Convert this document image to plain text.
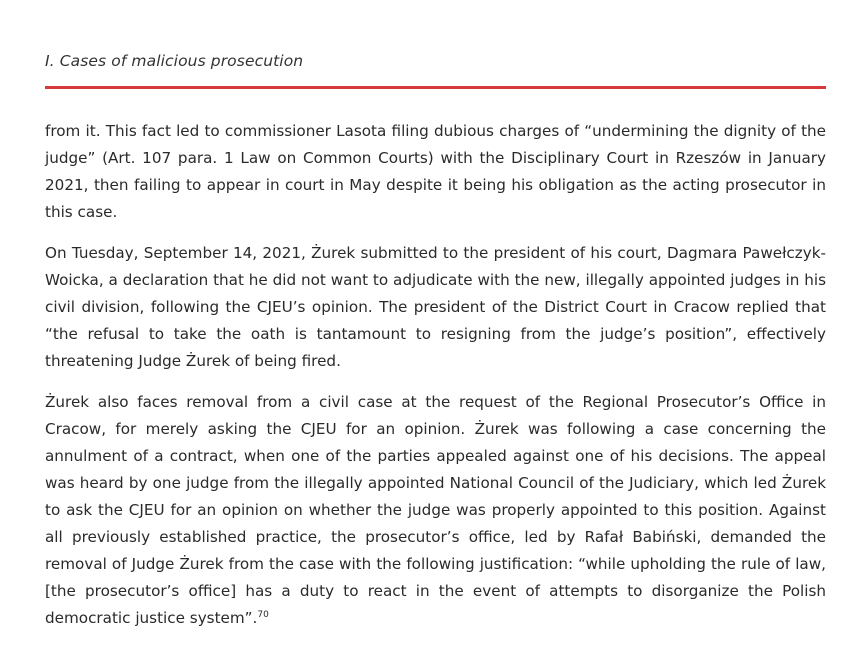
I. Cases of malicious prosecution

from it. This fact led to commissioner Lasota filing dubious charges of “undermining the dignity of the judge” (Art. 107 para. 1 Law on Common Courts) with the Disciplinary Court in Rzeszów in January 2021, then failing to appear in court in May despite it being his obligation as the acting prosecutor in this case.

On Tuesday, September 14, 2021, Żurek submitted to the president of his court, Dagmara Pawełczyk-Woicka, a declaration that he did not want to adjudicate with the new, illegally appointed judges in his civil division, following the CJEU’s opinion. The president of the District Court in Cracow replied that “the refusal to take the oath is tantamount to resigning from the judge’s position”, effectively threatening Judge Żurek of being fired.

Żurek also faces removal from a civil case at the request of the Regional Prosecutor’s Office in Cracow, for merely asking the CJEU for an opinion. Żurek was following a case concerning the annulment of a contract, when one of the parties appealed against one of his decisions. The appeal was heard by one judge from the illegally appointed National Council of the Judiciary, which led Żurek to ask the CJEU for an opinion on whether the judge was properly appointed to this position. Against all previously established practice, the prosecutor’s office, led by Rafał Babiński, demanded the removal of Judge Żurek from the case with the following justification: “while upholding the rule of law, [the prosecutor’s office] has a duty to react in the event of attempts to disorganize the Polish democratic justice system”.$^{70}$
